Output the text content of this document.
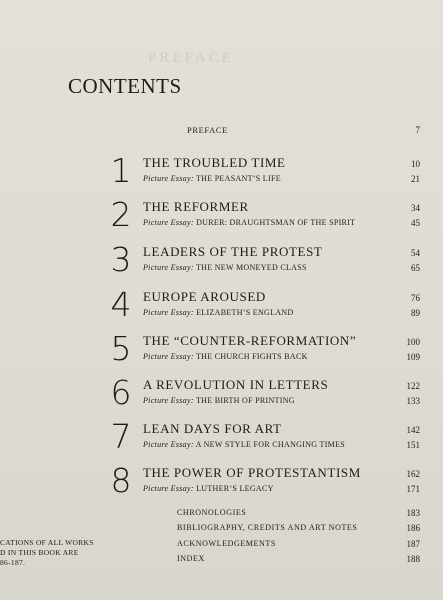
PREFACE
CONTENTS
PREFACE	7
1 THE TROUBLED TIME	10
Picture Essay: THE PEASANT’S LIFE	21
2 THE REFORMER	34
Picture Essay: DURER: DRAUGHTSMAN OF THE SPIRIT	45
3 LEADERS OF THE PROTEST	54
Picture Essay: THE NEW MONEYED CLASS	65
4 EUROPE AROUSED	76
Picture Essay: ELIZABETH’S ENGLAND	89
5 THE “COUNTER-REFORMATION”	100
Picture Essay: THE CHURCH FIGHTS BACK	109
6 A REVOLUTION IN LETTERS	122
Picture Essay: THE BIRTH OF PRINTING	133
7 LEAN DAYS FOR ART	142
Picture Essay: A NEW STYLE FOR CHANGING TIMES	151
8 THE POWER OF PROTESTANTISM	162
Picture Essay: LUTHER’S LEGACY	171
CHRONOLOGIES	183
BIBLIOGRAPHY, CREDITS AND ART NOTES	186
ACKNOWLEDGEMENTS	187
INDEX	188
CATIONS OF ALL WORKS
D IN THIS BOOK ARE
86-187.
